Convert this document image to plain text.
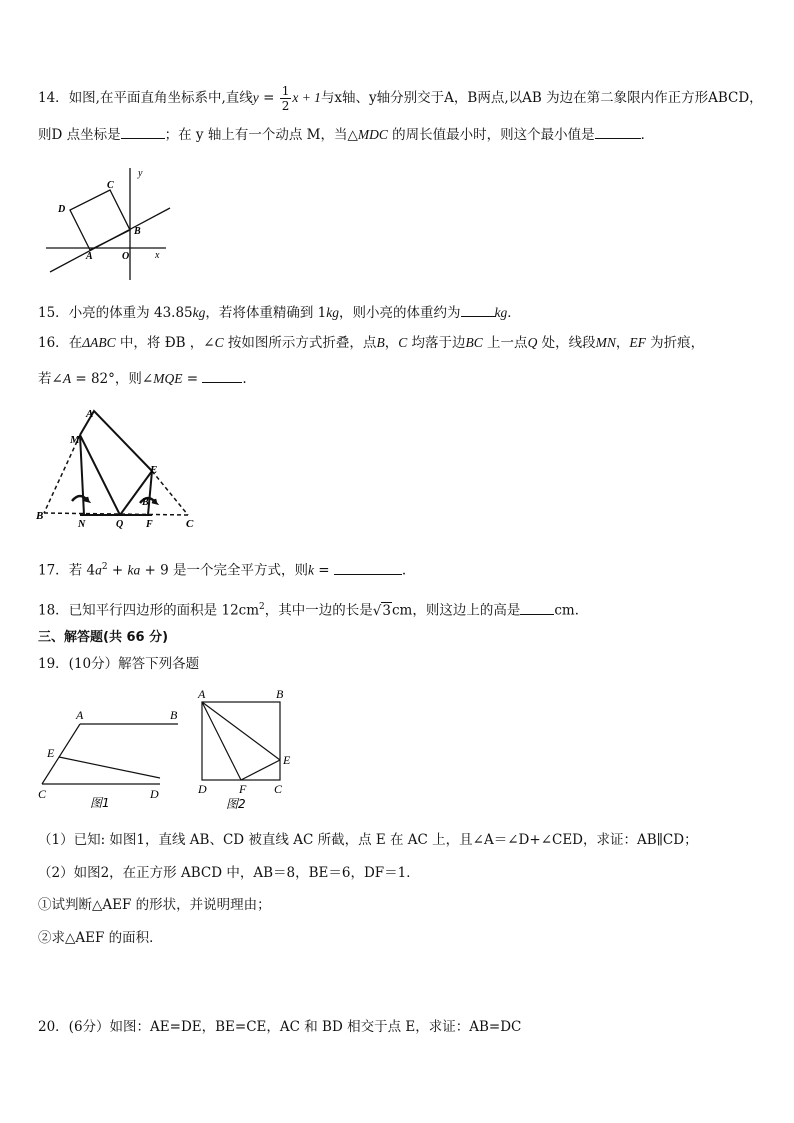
14．如图,在平面直角坐标系中,直线$y = \frac{1}{2}$ x + 1与x轴、y轴分别交于A，B两点,以AB 为边在第二象限内作正方形ABCD，
则D 点坐标是	；在 y 轴上有一个动点 M，当△MDC 的周长值最小时，则这个最小值是	．
y
C
D
B
A	O	x
15．小亮的体重为 43.85kg，若将体重精确到 1kg，则小亮的体重约为	kg．
16．在ΔABC 中，将 ÐB ，∠C 按如图所示方式折叠，点B，C 均落于边BC 上一点Q 处，线段MN，EF 为折痕，
若∠A = 82°，则∠MQE =	.
A
M
E
B
B
N	Q F	C
17．若 $4a^2$ + ka + 9 是一个完全平方式，则k =	.
18．已知平行四边形的面积是 $12cm^2$，其中一边的长是√3cm，则这边上的高是	cm．
三、解答题(共 66 分)
19．(10分）解答下列各题
A	B
E
C	D
图1
A	B
E
D	F C
图2
（1）已知: 如图1，直线 AB、CD 被直线 AC 所截，点 E 在 AC 上，且∠A＝∠D+∠CED，求证：AB∥CD；
（2）如图2，在正方形 ABCD 中，AB＝8，BE＝6，DF＝1．
①试判断△AEF 的形状，并说明理由；
②求△AEF 的面积．
20．(6分）如图：AE=DE，BE=CE，AC 和 BD 相交于点 E，求证：AB=DC
